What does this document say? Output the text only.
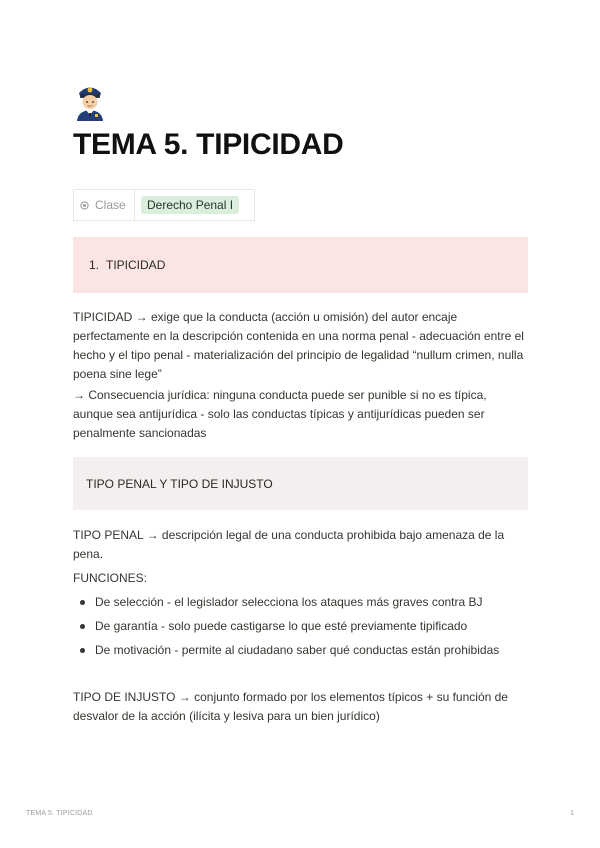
TEMA 5. TIPICIDAD
Clase	Derecho Penal I
1. TIPICIDAD

TIPICIDAD → exige que la conducta (acción u omisión) del autor encaje perfectamente en la descripción contenida en una norma penal - adecuación entre el hecho y el tipo penal - materialización del principio de legalidad “nullum crimen, nulla poena sine lege”

→ Consecuencia jurídica: ninguna conducta puede ser punible si no es típica, aunque sea antijurídica - solo las conductas típicas y antijurídicas pueden ser penalmente sancionadas

TIPO PENAL Y TIPO DE INJUSTO

TIPO PENAL → descripción legal de una conducta prohibida bajo amenaza de la pena.

FUNCIONES:

De selección - el legislador selecciona los ataques más graves contra BJ
De garantía - solo puede castigarse lo que esté previamente tipificado
De motivación - permite al ciudadano saber qué conductas están prohibidas

TIPO DE INJUSTO → conjunto formado por los elementos típicos + su función de desvalor de la acción (ilícita y lesiva para un bien jurídico)

TEMA 5. TIPICIDAD	1
